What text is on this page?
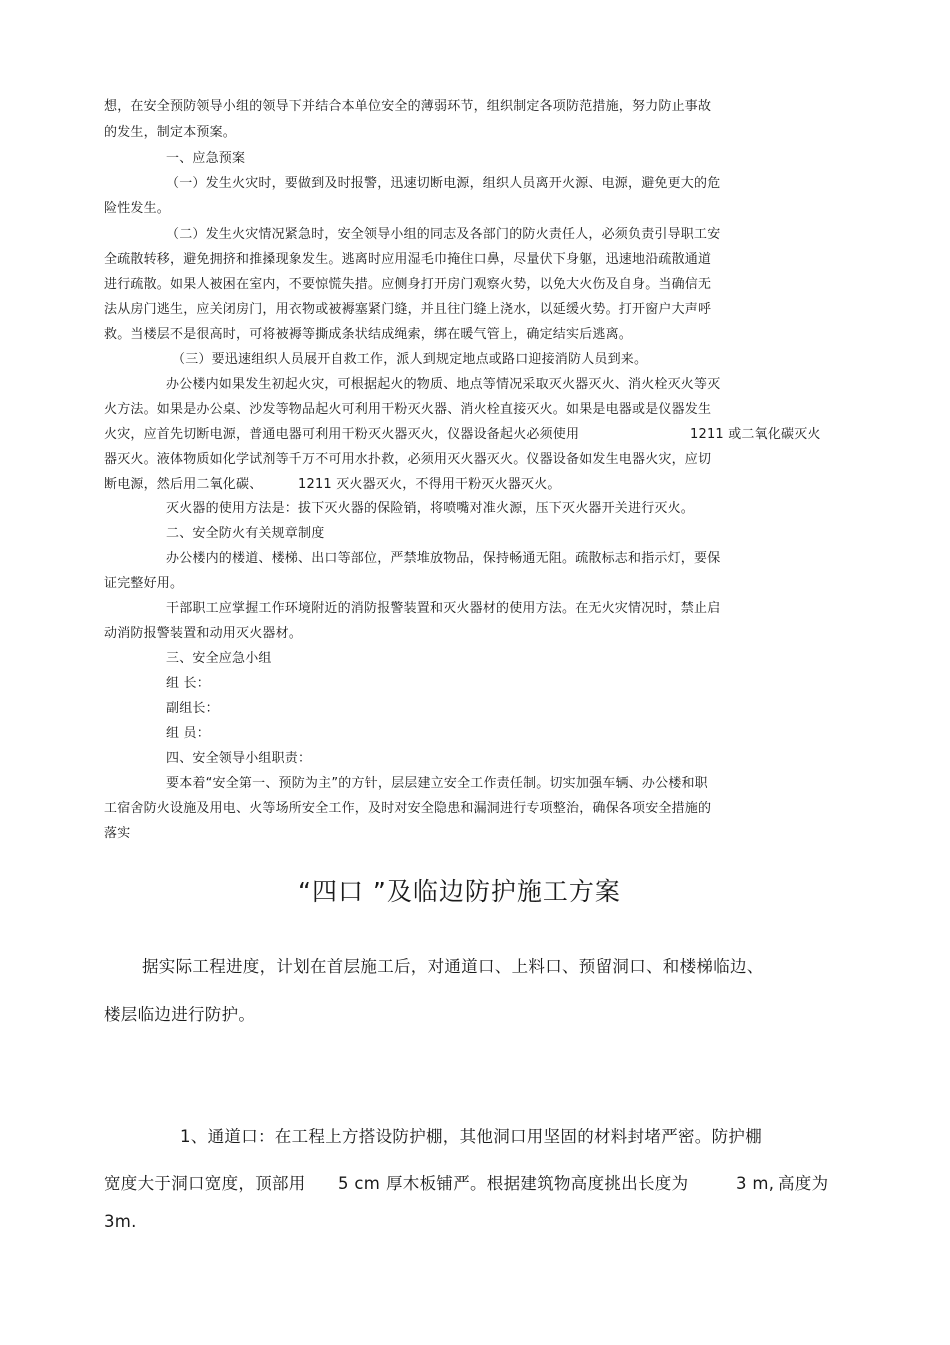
想，在安全预防领导小组的领导下并结合本单位安全的薄弱环节，组织制定各项防范措施，努力防止事故
的发生，制定本预案。
一、应急预案
（一）发生火灾时，要做到及时报警，迅速切断电源，组织人员离开火源、电源，避免更大的危
险性发生。
（二）发生火灾情况紧急时，安全领导小组的同志及各部门的防火责任人，必须负责引导职工安
全疏散转移，避免拥挤和推搡现象发生。逃离时应用湿毛巾掩住口鼻，尽量伏下身躯，迅速地沿疏散通道
进行疏散。如果人被困在室内，不要惊慌失措。应侧身打开房门观察火势，以免大火伤及自身。当确信无
法从房门逃生，应关闭房门，用衣物或被褥塞紧门缝，并且往门缝上浇水，以延缓火势。打开窗户大声呼
救。当楼层不是很高时，可将被褥等撕成条状结成绳索，绑在暖气管上，确定结实后逃离。
（三）要迅速组织人员展开自救工作，派人到规定地点或路口迎接消防人员到来。
办公楼内如果发生初起火灾，可根据起火的物质、地点等情况采取灭火器灭火、消火栓灭火等灭
火方法。如果是办公桌、沙发等物品起火可利用干粉灭火器、消火栓直接灭火。如果是电器或是仪器发生
火灾，应首先切断电源，普通电器可利用干粉灭火器灭火，仪器设备起火必须使用	1211 或二氧化碳灭火
器灭火。液体物质如化学试剂等千万不可用水扑救，必须用灭火器灭火。仪器设备如发生电器火灾，应切
断电源，然后用二氧化碳、	1211 灭火器灭火，不得用干粉灭火器灭火。
灭火器的使用方法是：拔下灭火器的保险销，将喷嘴对准火源，压下灭火器开关进行灭火。
二、安全防火有关规章制度
办公楼内的楼道、楼梯、出口等部位，严禁堆放物品，保持畅通无阻。疏散标志和指示灯，要保
证完整好用。
干部职工应掌握工作环境附近的消防报警装置和灭火器材的使用方法。在无火灾情况时，禁止启
动消防报警装置和动用灭火器材。
三、安全应急小组
组 长：
副组长：
组 员：
四、安全领导小组职责：
要本着“安全第一、预防为主”的方针，层层建立安全工作责任制。切实加强车辆、办公楼和职
工宿舍防火设施及用电、火等场所安全工作，及时对安全隐患和漏洞进行专项整治，确保各项安全措施的
落实
“四口 ”及临边防护施工方案
据实际工程进度，计划在首层施工后，对通道口、上料口、预留洞口、和楼梯临边、
楼层临边进行防护。
1、通道口：在工程上方搭设防护棚，其他洞口用坚固的材料封堵严密。防护棚
宽度大于洞口宽度，顶部用 5 cm 厚木板铺严。根据建筑物高度挑出长度为	3 m, 高度为
3m.
